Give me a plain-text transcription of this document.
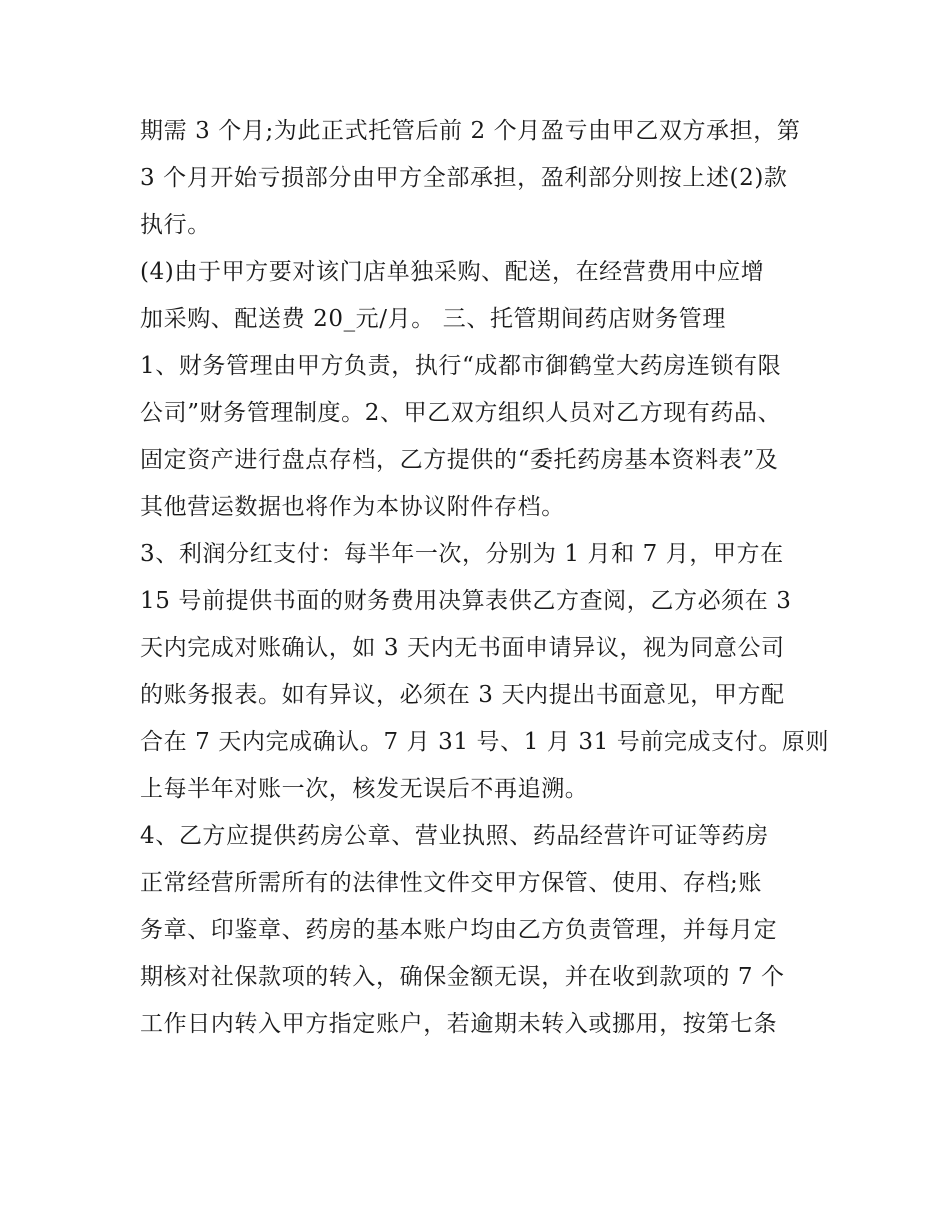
期需 3 个月;为此正式托管后前 2 个月盈亏由甲乙双方承担，第
3 个月开始亏损部分由甲方全部承担，盈利部分则按上述(2)款
执行。
(4)由于甲方要对该门店单独采购、配送，在经营费用中应增
加采购、配送费 20_元/月。 三、托管期间药店财务管理
1、财务管理由甲方负责，执行“成都市御鹤堂大药房连锁有限
公司”财务管理制度。2、甲乙双方组织人员对乙方现有药品、
固定资产进行盘点存档，乙方提供的“委托药房基本资料表”及
其他营运数据也将作为本协议附件存档。
3、利润分红支付：每半年一次，分别为 1 月和 7 月，甲方在
15 号前提供书面的财务费用决算表供乙方查阅，乙方必须在 3
天内完成对账确认，如 3 天内无书面申请异议，视为同意公司
的账务报表。如有异议，必须在 3 天内提出书面意见，甲方配
合在 7 天内完成确认。7 月 31 号、1 月 31 号前完成支付。原则
上每半年对账一次，核发无误后不再追溯。
4、乙方应提供药房公章、营业执照、药品经营许可证等药房
正常经营所需所有的法律性文件交甲方保管、使用、存档;账
务章、印鉴章、药房的基本账户均由乙方负责管理，并每月定
期核对社保款项的转入，确保金额无误，并在收到款项的 7 个
工作日内转入甲方指定账户，若逾期未转入或挪用，按第七条
